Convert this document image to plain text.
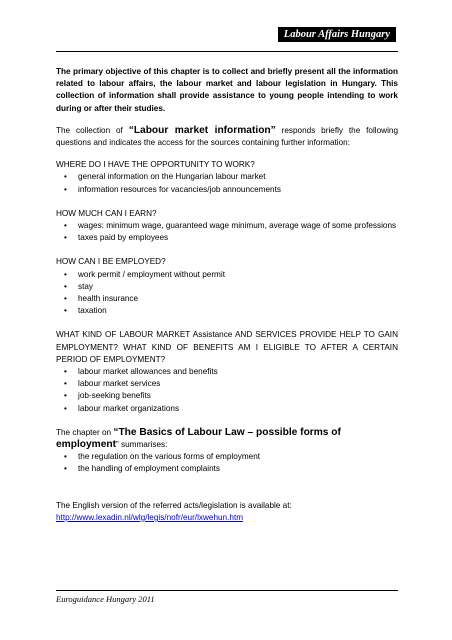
Labour Affairs Hungary

The primary objective of this chapter is to collect and briefly present all the information related to labour affairs, the labour market and labour legislation in Hungary. This collection of information shall provide assistance to young people intending to work during or after their studies.

The collection of “Labour market information” responds briefly the following questions and indicates the access for the sources containing further information:

WHERE DO I HAVE THE OPPORTUNITY TO WORK?

• general information on the Hungarian labour market
• information resources for vacancies/job announcements

HOW MUCH CAN I EARN?

• wages: minimum wage, guaranteed wage minimum, average wage of some professions
• taxes paid by employees

HOW CAN I BE EMPLOYED?

• work permit / employment without permit
• stay
• health insurance
• taxation

WHAT KIND OF LABOUR MARKET Assistance AND SERVICES PROVIDE HELP TO GAIN EMPLOYMENT? WHAT KIND OF BENEFITS AM I ELIGIBLE TO AFTER A CERTAIN PERIOD OF EMPLOYMENT?

• labour market allowances and benefits
• labour market services
• job-seeking benefits
• labour market organizations

The chapter on “The Basics of Labour Law – possible forms of employment” summarises:

• the regulation on the various forms of employment
• the handling of employment complaints

The English version of the referred acts/legislation is available at:

http://www.lexadin.nl/wlg/legis/nofr/eur/lxwehun.htm

Euroguidance Hungary 2011
